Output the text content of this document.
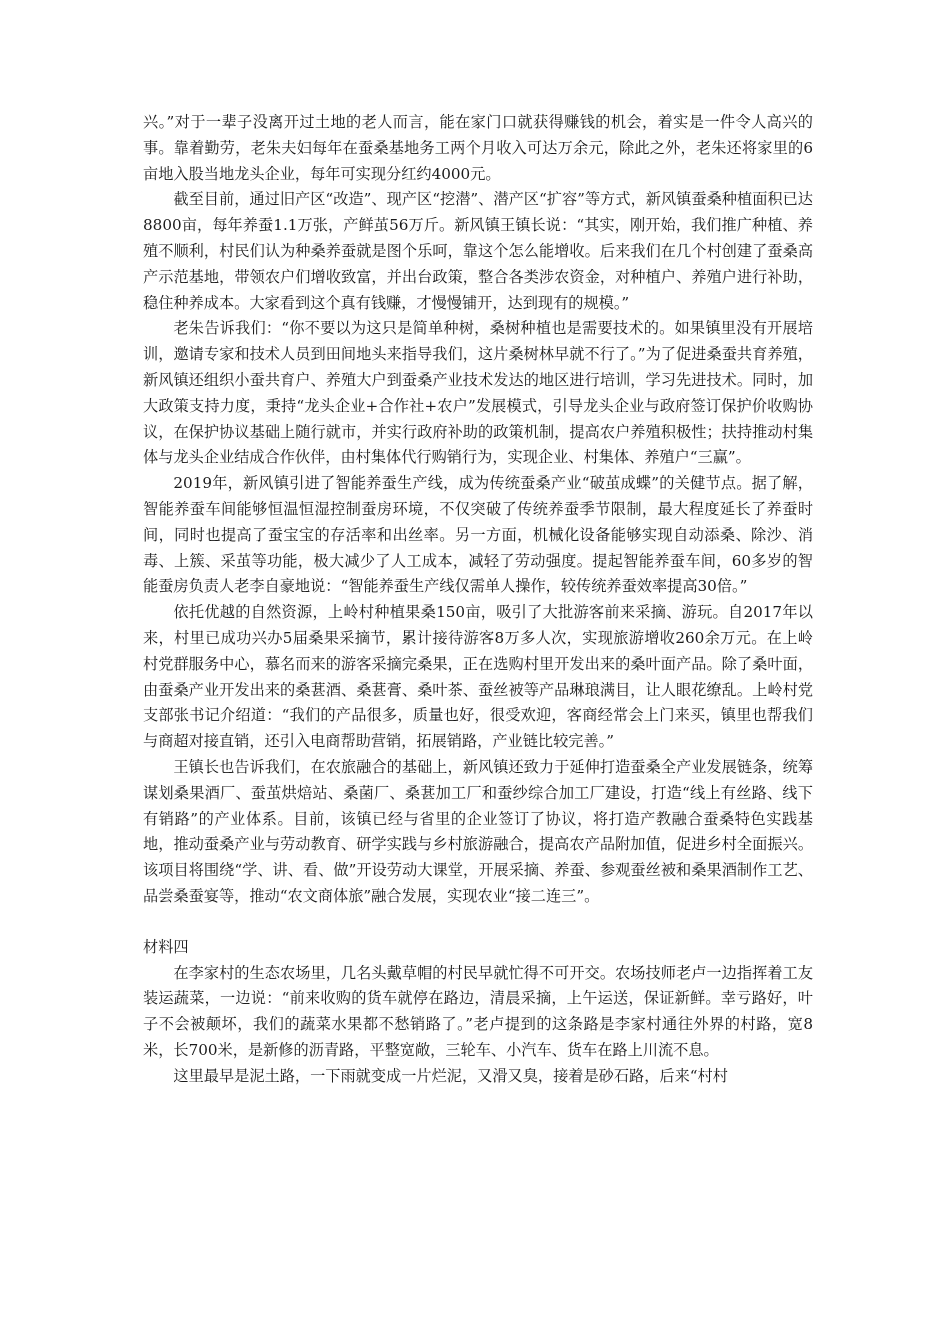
兴。”对于一辈子没离开过土地的老人而言，能在家门口就获得赚钱的机会，着实是一件令人高兴的事。靠着勤劳，老朱夫妇每年在蚕桑基地务工两个月收入可达万余元，除此之外，老朱还将家里的6亩地入股当地龙头企业，每年可实现分红约4000元。

截至目前，通过旧产区“改造”、现产区“挖潜”、潜产区“扩容”等方式，新风镇蚕桑种植面积已达8800亩，每年养蚕1.1万张，产鲜茧56万斤。新风镇王镇长说：“其实，刚开始，我们推广种植、养殖不顺利，村民们认为种桑养蚕就是图个乐呵，靠这个怎么能增收。后来我们在几个村创建了蚕桑高产示范基地，带领农户们增收致富，并出台政策，整合各类涉农资金，对种植户、养殖户进行补助，稳住种养成本。大家看到这个真有钱赚，才慢慢铺开，达到现有的规模。”

老朱告诉我们：“你不要以为这只是简单种树，桑树种植也是需要技术的。如果镇里没有开展培训，邀请专家和技术人员到田间地头来指导我们，这片桑树林早就不行了。”为了促进桑蚕共育养殖，新风镇还组织小蚕共育户、养殖大户到蚕桑产业技术发达的地区进行培训，学习先进技术。同时，加大政策支持力度，秉持“龙头企业+合作社+农户”发展模式，引导龙头企业与政府签订保护价收购协议，在保护协议基础上随行就市，并实行政府补助的政策机制，提高农户养殖积极性；扶持推动村集体与龙头企业结成合作伙伴，由村集体代行购销行为，实现企业、村集体、养殖户“三赢”。

2019年，新风镇引进了智能养蚕生产线，成为传统蚕桑产业“破茧成蝶”的关健节点。据了解，智能养蚕车间能够恒温恒湿控制蚕房环境，不仅突破了传统养蚕季节限制，最大程度延长了养蚕时间，同时也提高了蚕宝宝的存活率和出丝率。另一方面，机械化设备能够实现自动添桑、除沙、消毒、上簇、采茧等功能，极大减少了人工成本，减轻了劳动强度。提起智能养蚕车间，60多岁的智能蚕房负责人老李自豪地说：“智能养蚕生产线仅需单人操作，较传统养蚕效率提高30倍。”

依托优越的自然资源，上岭村种植果桑150亩，吸引了大批游客前来采摘、游玩。自2017年以来，村里已成功兴办5届桑果采摘节，累计接待游客8万多人次，实现旅游增收260余万元。在上岭村党群服务中心，慕名而来的游客采摘完桑果，正在选购村里开发出来的桑叶面产品。除了桑叶面，由蚕桑产业开发出来的桑葚酒、桑葚膏、桑叶茶、蚕丝被等产品琳琅满目，让人眼花缭乱。上岭村党支部张书记介绍道：“我们的产品很多，质量也好，很受欢迎，客商经常会上门来买，镇里也帮我们与商超对接直销，还引入电商帮助营销，拓展销路，产业链比较完善。”

王镇长也告诉我们，在农旅融合的基础上，新风镇还致力于延伸打造蚕桑全产业发展链条，统筹谋划桑果酒厂、蚕茧烘焙站、桑菌厂、桑葚加工厂和蚕纱综合加工厂建设，打造“线上有丝路、线下有销路”的产业体系。目前，该镇已经与省里的企业签订了协议，将打造产教融合蚕桑特色实践基地，推动蚕桑产业与劳动教育、研学实践与乡村旅游融合，提高农产品附加值，促进乡村全面振兴。该项目将围绕“学、讲、看、做”开设劳动大课堂，开展采摘、养蚕、参观蚕丝被和桑果酒制作工艺、品尝桑蚕宴等，推动“农文商体旅”融合发展，实现农业“接二连三”。

材料四

在李家村的生态农场里，几名头戴草帽的村民早就忙得不可开交。农场技师老卢一边指挥着工友装运蔬菜，一边说：“前来收购的货车就停在路边，清晨采摘，上午运送，保证新鲜。幸亏路好，叶子不会被颠坏，我们的蔬菜水果都不愁销路了。”老卢提到的这条路是李家村通往外界的村路，宽8米，长700米，是新修的沥青路，平整宽敞，三轮车、小汽车、货车在路上川流不息。

这里最早是泥土路，一下雨就变成一片烂泥，又滑又臭，接着是砂石路，后来“村村
